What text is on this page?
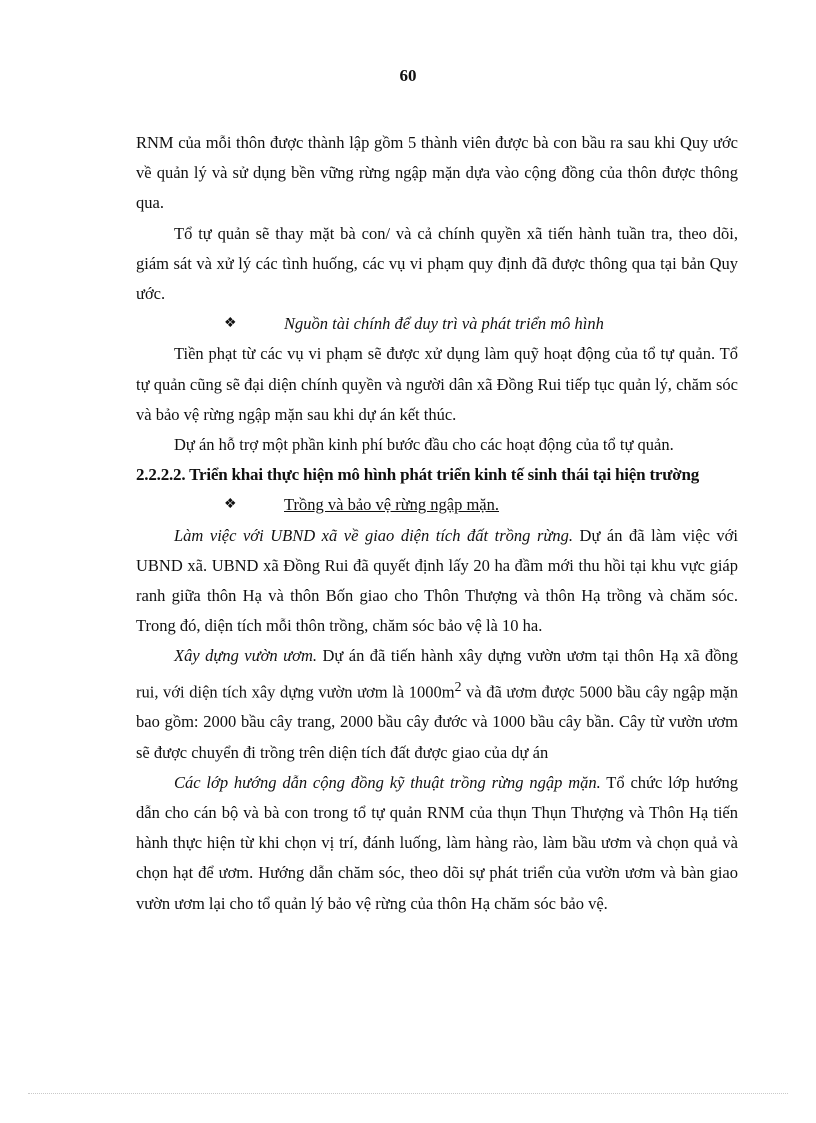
60

RNM của mỗi thôn được thành lập gồm 5 thành viên được bà con bầu ra sau khi Quy ước về quản lý và sử dụng bền vững rừng ngập mặn dựa vào cộng đồng của thôn được thông qua.

Tổ tự quản sẽ thay mặt bà con/ và cả chính quyền xã tiến hành tuần tra, theo dõi, giám sát và xử lý các tình huống, các vụ vi phạm quy định đã được thông qua tại bản Quy ước.

❖	Nguồn tài chính để duy trì và phát triển mô hình

Tiền phạt từ các vụ vi phạm sẽ được xử dụng làm quỹ hoạt động của tổ tự quản. Tổ tự quản cũng sẽ đại diện chính quyền và người dân xã Đồng Rui tiếp tục quản lý, chăm sóc và bảo vệ rừng ngập mặn sau khi dự án kết thúc.

Dự án hỗ trợ một phần kinh phí bước đầu cho các hoạt động của tổ tự quản.

2.2.2.2. Triển khai thực hiện mô hình phát triển kinh tế sinh thái tại hiện trường
❖	Trồng và bảo vệ rừng ngập mặn.

Làm việc với UBND xã về giao diện tích đất trồng rừng. Dự án đã làm việc với UBND xã. UBND xã Đồng Rui đã quyết định lấy 20 ha đầm mới thu hồi tại khu vực giáp ranh giữa thôn Hạ và thôn Bốn giao cho Thôn Thượng và thôn Hạ trồng và chăm sóc. Trong đó, diện tích mỗi thôn trồng, chăm sóc bảo vệ là 10 ha.

Xây dựng vườn ươm. Dự án đã tiến hành xây dựng vườn ươm tại thôn Hạ xã đồng rui, với diện tích xây dựng vườn ươm là $1000m^2$ và đã ươm được 5000 bầu cây ngập mặn bao gồm: 2000 bầu cây trang, 2000 bầu cây đước và 1000 bầu cây bần. Cây từ vườn ươm sẽ được chuyển đi trồng trên diện tích đất được giao của dự án

Các lớp hướng dẫn cộng đồng kỹ thuật trồng rừng ngập mặn. Tổ chức lớp hướng dẫn cho cán bộ và bà con trong tổ tự quản RNM của thụn Thụn Thượng và Thôn Hạ tiến hành thực hiện từ khi chọn vị trí, đánh luống, làm hàng rào, làm bầu ươm và chọn quả và chọn hạt để ươm. Hướng dẫn chăm sóc, theo dõi sự phát triển của vườn ươm và bàn giao vườn ươm lại cho tổ quản lý bảo vệ rừng của thôn Hạ chăm sóc bảo vệ.
